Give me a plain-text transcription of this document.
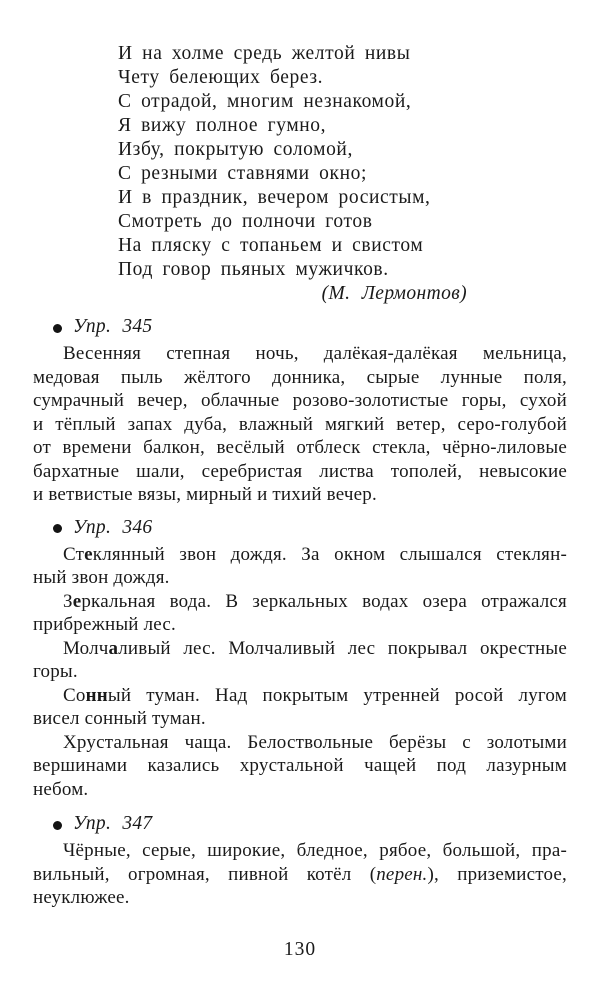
И на холме средь желтой нивы
Чету белеющих берез.
С отрадой, многим незнакомой,
Я вижу полное гумно,
Избу, покрытую соломой,
С резными ставнями окно;
И в праздник, вечером росистым,
Смотреть до полночи готов
На пляску с топаньем и свистом
Под говор пьяных мужичков.
(М. Лермонтов)
Упр. 345
Весенняя степная ночь, далёкая-далёкая мельница,
медовая пыль жёлтого донника, сырые лунные поля,
сумрачный вечер, облачные розово-золотистые горы, сухой
и тёплый запах дуба, влажный мягкий ветер, серо-голубой
от времени балкон, весёлый отблеск стекла, чёрно-лиловые
бархатные шали, серебристая листва тополей, невысокие
и ветвистые вязы, мирный и тихий вечер.
Упр. 346
Стеклянный звон дождя. За окном слышался стеклян-
ный звон дождя.
Зеркальная вода. В зеркальных водах озера отражался
прибрежный лес.
Молчаливый лес. Молчаливый лес покрывал окрестные
горы.
Сонный туман. Над покрытым утренней росой лугом
висел сонный туман.
Хрустальная чаща. Белоствольные берёзы с золотыми
вершинами казались хрустальной чащей под лазурным
небом.
Упр. 347
Чёрные, серые, широкие, бледное, рябое, большой, пра-
вильный, огромная, пивной котёл (перен.), приземистое,
неуклюжее.
130
